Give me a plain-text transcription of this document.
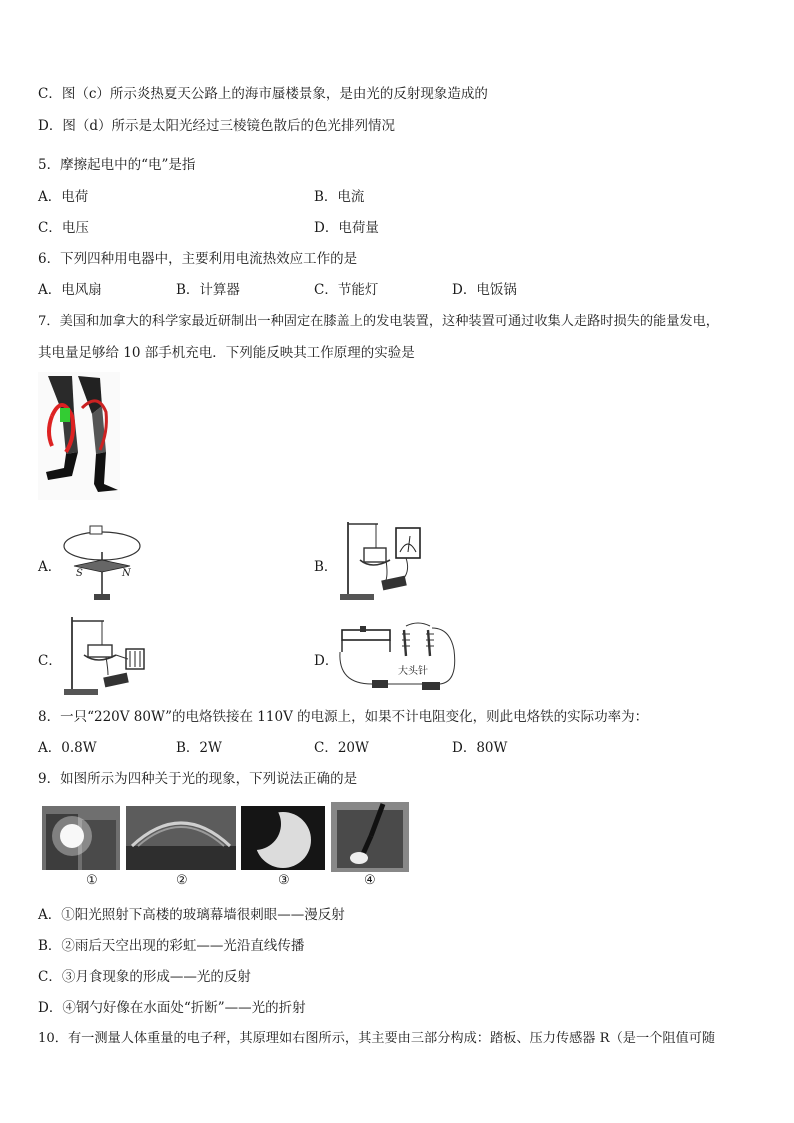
C．图（c）所示炎热夏天公路上的海市蜃楼景象，是由光的反射现象造成的
D．图（d）所示是太阳光经过三棱镜色散后的色光排列情况
5．摩擦起电中的“电”是指
A．电荷	B．电流
C．电压	D．电荷量
6．下列四种用电器中，主要利用电流热效应工作的是
A．电风扇	B．计算器	C．节能灯	D．电饭锅
7．美国和加拿大的科学家最近研制出一种固定在膝盖上的发电装置，这种装置可通过收集人走路时损失的能量发电，
其电量足够给 10 部手机充电．下列能反映其工作原理的实验是
A． S	N	B．
C．	D．
大头针
8．一只“220V 80W”的电烙铁接在 110V 的电源上，如果不计电阻变化，则此电烙铁的实际功率为：
A．0.8W	B．2W	C．20W	D．80W
9．如图所示为四种关于光的现象，下列说法正确的是
①	②	③	④
A．①阳光照射下高楼的玻璃幕墙很刺眼——漫反射
B．②雨后天空出现的彩虹——光沿直线传播
C．③月食现象的形成——光的反射
D．④钢勺好像在水面处“折断”——光的折射
10．有一测量人体重量的电子秤，其原理如右图所示，其主要由三部分构成：踏板、压力传感器 R（是一个阻值可随
